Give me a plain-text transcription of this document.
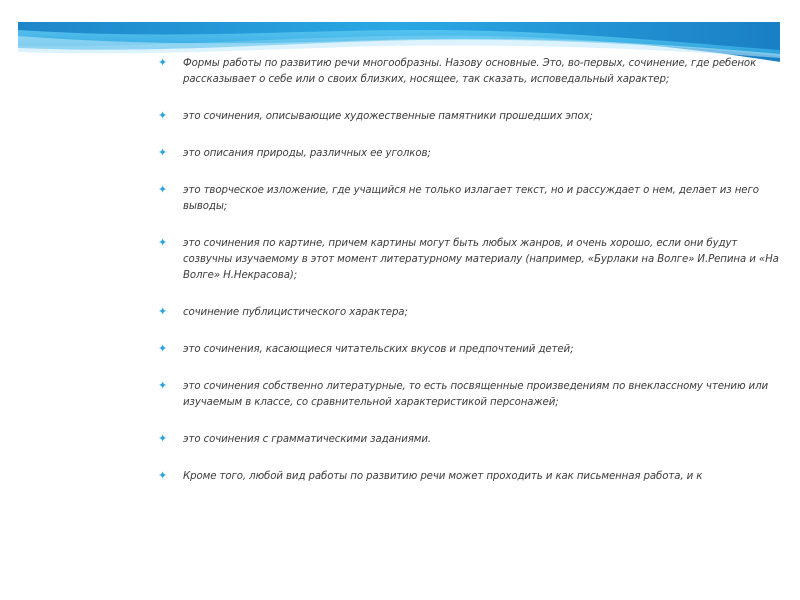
✦ Формы работы по развитию речи многообразны. Назову основные. Это, во-первых, сочинение, где ребенок рассказывает о себе или о своих близких, носящее, так сказать, исповедальный характер;
✦ это сочинения, описывающие художественные памятники прошедших эпох;
✦ это описания природы, различных ее уголков;
✦ это творческое изложение, где учащийся не только излагает текст, но и рассуждает о нем, делает из него выводы;
✦ это сочинения по картине, причем картины могут быть любых жанров, и очень хорошо, если они будут созвучны изучаемому в этот момент литературному материалу (например, «Бурлаки на Волге» И.Репина и «На Волге» Н.Некрасова);
✦ сочинение публицистического характера;
✦ это сочинения, касающиеся читательских вкусов и предпочтений детей;
✦ это сочинения собственно литературные, то есть посвященные произведениям по внеклассному чтению или изучаемым в классе, со сравнительной характеристикой персонажей;
✦ это сочинения с грамматическими заданиями.
✦ Кроме того, любой вид работы по развитию речи может проходить и как письменная работа, и к
